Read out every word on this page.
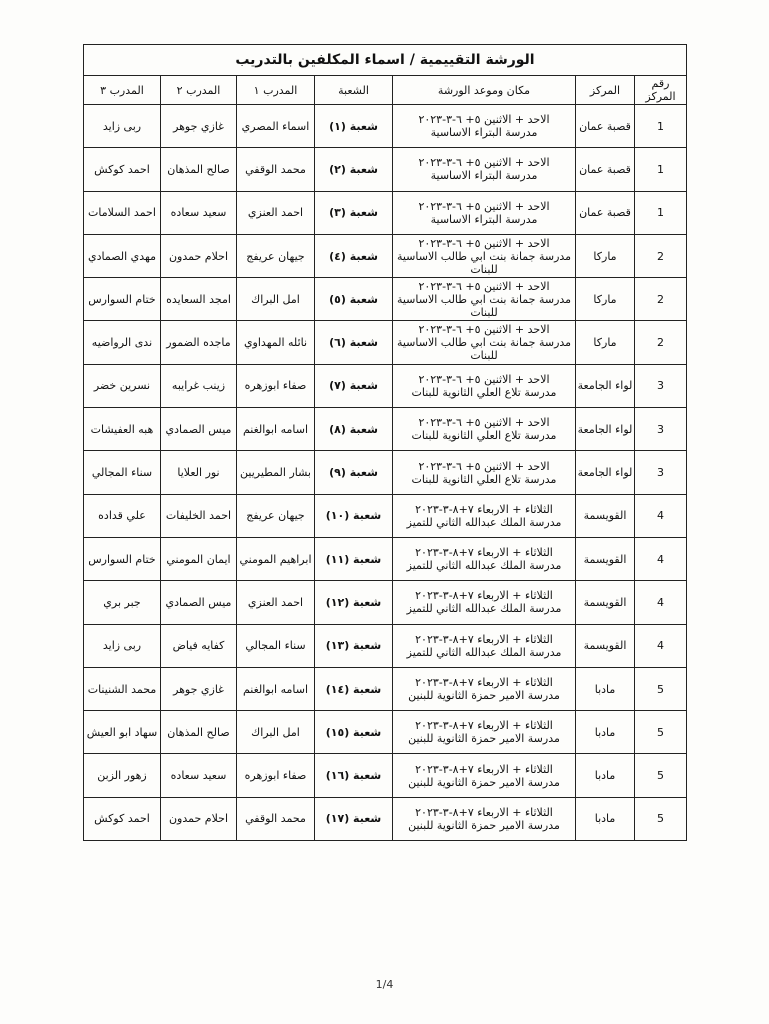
الورشة التقييمية / اسماء المكلفين بالتدريب						
رقم المركز	المركز	مكان وموعد الورشة	الشعبة	المدرب ١	المدرب ٢	المدرب ٣
1	قصبة عمان	الاحد + الاثنين ٥+ ٦-٣-٢٠٢٣
مدرسة البتراء الاساسية	شعبة (١)	اسماء المصري	غازي جوهر	ربى زايد
1	قصبة عمان	الاحد + الاثنين ٥+ ٦-٣-٢٠٢٣
مدرسة البتراء الاساسية	شعبة (٢)	محمد الوقفي	صالح المذهان	احمد كوكش
1	قصبة عمان	الاحد + الاثنين ٥+ ٦-٣-٢٠٢٣
مدرسة البتراء الاساسية	شعبة (٣)	احمد العنزي	سعيد سعاده	احمد السلامات
2	ماركا	الاحد + الاثنين ٥+ ٦-٣-٢٠٢٣
مدرسة جمانة بنت ابي طالب الاساسية للبنات	شعبة (٤)	جيهان عريفج	احلام حمدون	مهدي الصمادي
2	ماركا	الاحد + الاثنين ٥+ ٦-٣-٢٠٢٣
مدرسة جمانة بنت ابي طالب الاساسية للبنات	شعبة (٥)	امل البراك	امجد السعايده	ختام السوارس
2	ماركا	الاحد + الاثنين ٥+ ٦-٣-٢٠٢٣
مدرسة جمانة بنت ابي طالب الاساسية للبنات	شعبة (٦)	نائله المهداوي	ماجده الضمور	ندى الرواضيه
3	لواء الجامعة	الاحد + الاثنين ٥+ ٦-٣-٢٠٢٣
مدرسة تلاع العلي الثانوية للبنات	شعبة (٧)	صفاء ابوزهره	زينب غرايبه	نسرين خضر
3	لواء الجامعة	الاحد + الاثنين ٥+ ٦-٣-٢٠٢٣
مدرسة تلاع العلي الثانوية للبنات	شعبة (٨)	اسامه ابوالغنم	ميس الصمادي	هبه العفيشات
3	لواء الجامعة	الاحد + الاثنين ٥+ ٦-٣-٢٠٢٣
مدرسة تلاع العلي الثانوية للبنات	شعبة (٩)	بشار المطيريين	نور العلايا	سناء المجالي
4	القويسمة	الثلاثاء + الاربعاء ٧+٨-٣-٢٠٢٣
مدرسة الملك عبدالله الثاني للتميز	شعبة (١٠)	جيهان عريفج	احمد الخليفات	علي قداده
4	القويسمة	الثلاثاء + الاربعاء ٧+٨-٣-٢٠٢٣
مدرسة الملك عبدالله الثاني للتميز	شعبة (١١)	ابراهيم المومني	ايمان المومني	ختام السوارس
4	القويسمة	الثلاثاء + الاربعاء ٧+٨-٣-٢٠٢٣
مدرسة الملك عبدالله الثاني للتميز	شعبة (١٢)	احمد العنزي	ميس الصمادي	جبر بري
4	القويسمة	الثلاثاء + الاربعاء ٧+٨-٣-٢٠٢٣
مدرسة الملك عبدالله الثاني للتميز	شعبة (١٣)	سناء المجالي	كفايه فياض	ربى زايد
5	مادبا	الثلاثاء + الاربعاء ٧+٨-٣-٢٠٢٣
مدرسة الامير حمزة الثانوية للبنين	شعبة (١٤)	اسامه ابوالغنم	غازي جوهر	محمد الشنينات
5	مادبا	الثلاثاء + الاربعاء ٧+٨-٣-٢٠٢٣
مدرسة الامير حمزة الثانوية للبنين	شعبة (١٥)	امل البراك	صالح المذهان	سهاد ابو العيش
5	مادبا	الثلاثاء + الاربعاء ٧+٨-٣-٢٠٢٣
مدرسة الامير حمزة الثانوية للبنين	شعبة (١٦)	صفاء ابوزهره	سعيد سعاده	زهور الزبن
5	مادبا	الثلاثاء + الاربعاء ٧+٨-٣-٢٠٢٣
مدرسة الامير حمزة الثانوية للبنين	شعبة (١٧)	محمد الوقفي	احلام حمدون	احمد كوكش
1/4
